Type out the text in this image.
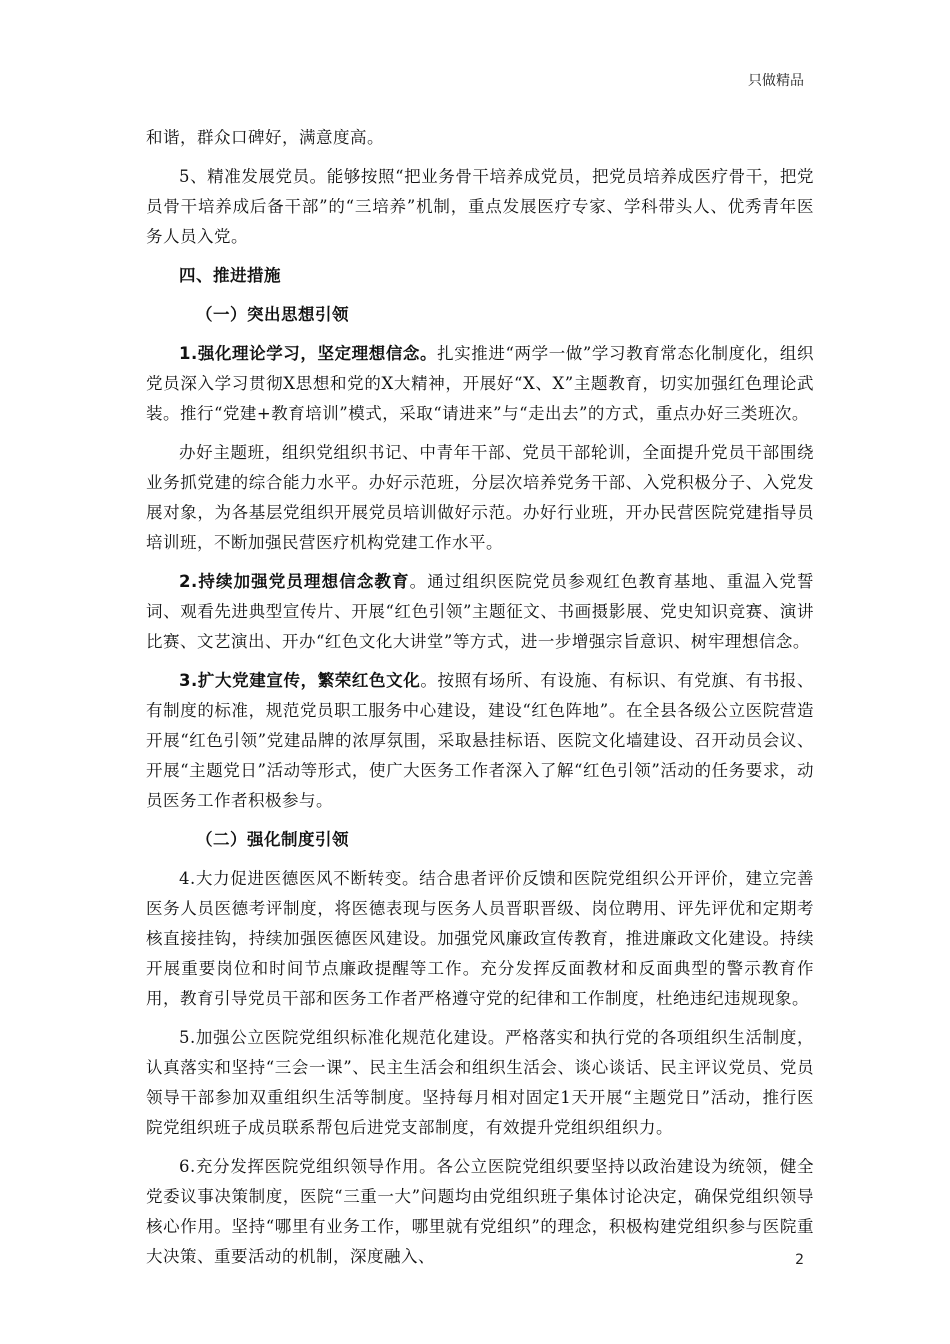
只做精品

和谐，群众口碑好，满意度高。

5、精准发展党员。能够按照“把业务骨干培养成党员，把党员培养成医疗骨干，把党员骨干培养成后备干部”的“三培养”机制，重点发展医疗专家、学科带头人、优秀青年医务人员入党。

四、推进措施
（一）突出思想引领

1.强化理论学习，坚定理想信念。扎实推进“两学一做”学习教育常态化制度化，组织党员深入学习贯彻X思想和党的X大精神，开展好“X、X”主题教育，切实加强红色理论武装。推行“党建+教育培训”模式，采取“请进来”与“走出去”的方式，重点办好三类班次。

办好主题班，组织党组织书记、中青年干部、党员干部轮训，全面提升党员干部围绕业务抓党建的综合能力水平。办好示范班，分层次培养党务干部、入党积极分子、入党发展对象，为各基层党组织开展党员培训做好示范。办好行业班，开办民营医院党建指导员培训班，不断加强民营医疗机构党建工作水平。

2.持续加强党员理想信念教育。通过组织医院党员参观红色教育基地、重温入党誓词、观看先进典型宣传片、开展“红色引领”主题征文、书画摄影展、党史知识竞赛、演讲比赛、文艺演出、开办“红色文化大讲堂”等方式，进一步增强宗旨意识、树牢理想信念。

3.扩大党建宣传，繁荣红色文化。按照有场所、有设施、有标识、有党旗、有书报、有制度的标准，规范党员职工服务中心建设，建设“红色阵地”。在全县各级公立医院营造开展“红色引领”党建品牌的浓厚氛围，采取悬挂标语、医院文化墙建设、召开动员会议、开展“主题党日”活动等形式，使广大医务工作者深入了解“红色引领”活动的任务要求，动员医务工作者积极参与。

（二）强化制度引领

4.大力促进医德医风不断转变。结合患者评价反馈和医院党组织公开评价，建立完善医务人员医德考评制度，将医德表现与医务人员晋职晋级、岗位聘用、评先评优和定期考核直接挂钩，持续加强医德医风建设。加强党风廉政宣传教育，推进廉政文化建设。持续开展重要岗位和时间节点廉政提醒等工作。充分发挥反面教材和反面典型的警示教育作用，教育引导党员干部和医务工作者严格遵守党的纪律和工作制度，杜绝违纪违规现象。

5.加强公立医院党组织标准化规范化建设。严格落实和执行党的各项组织生活制度，认真落实和坚持“三会一课”、民主生活会和组织生活会、谈心谈话、民主评议党员、党员领导干部参加双重组织生活等制度。坚持每月相对固定1天开展“主题党日”活动，推行医院党组织班子成员联系帮包后进党支部制度，有效提升党组织组织力。

6.充分发挥医院党组织领导作用。各公立医院党组织要坚持以政治建设为统领，健全党委议事决策制度，医院“三重一大”问题均由党组织班子集体讨论决定，确保党组织领导核心作用。坚持“哪里有业务工作，哪里就有党组织”的理念，积极构建党组织参与医院重大决策、重要活动的机制，深度融入、	2
